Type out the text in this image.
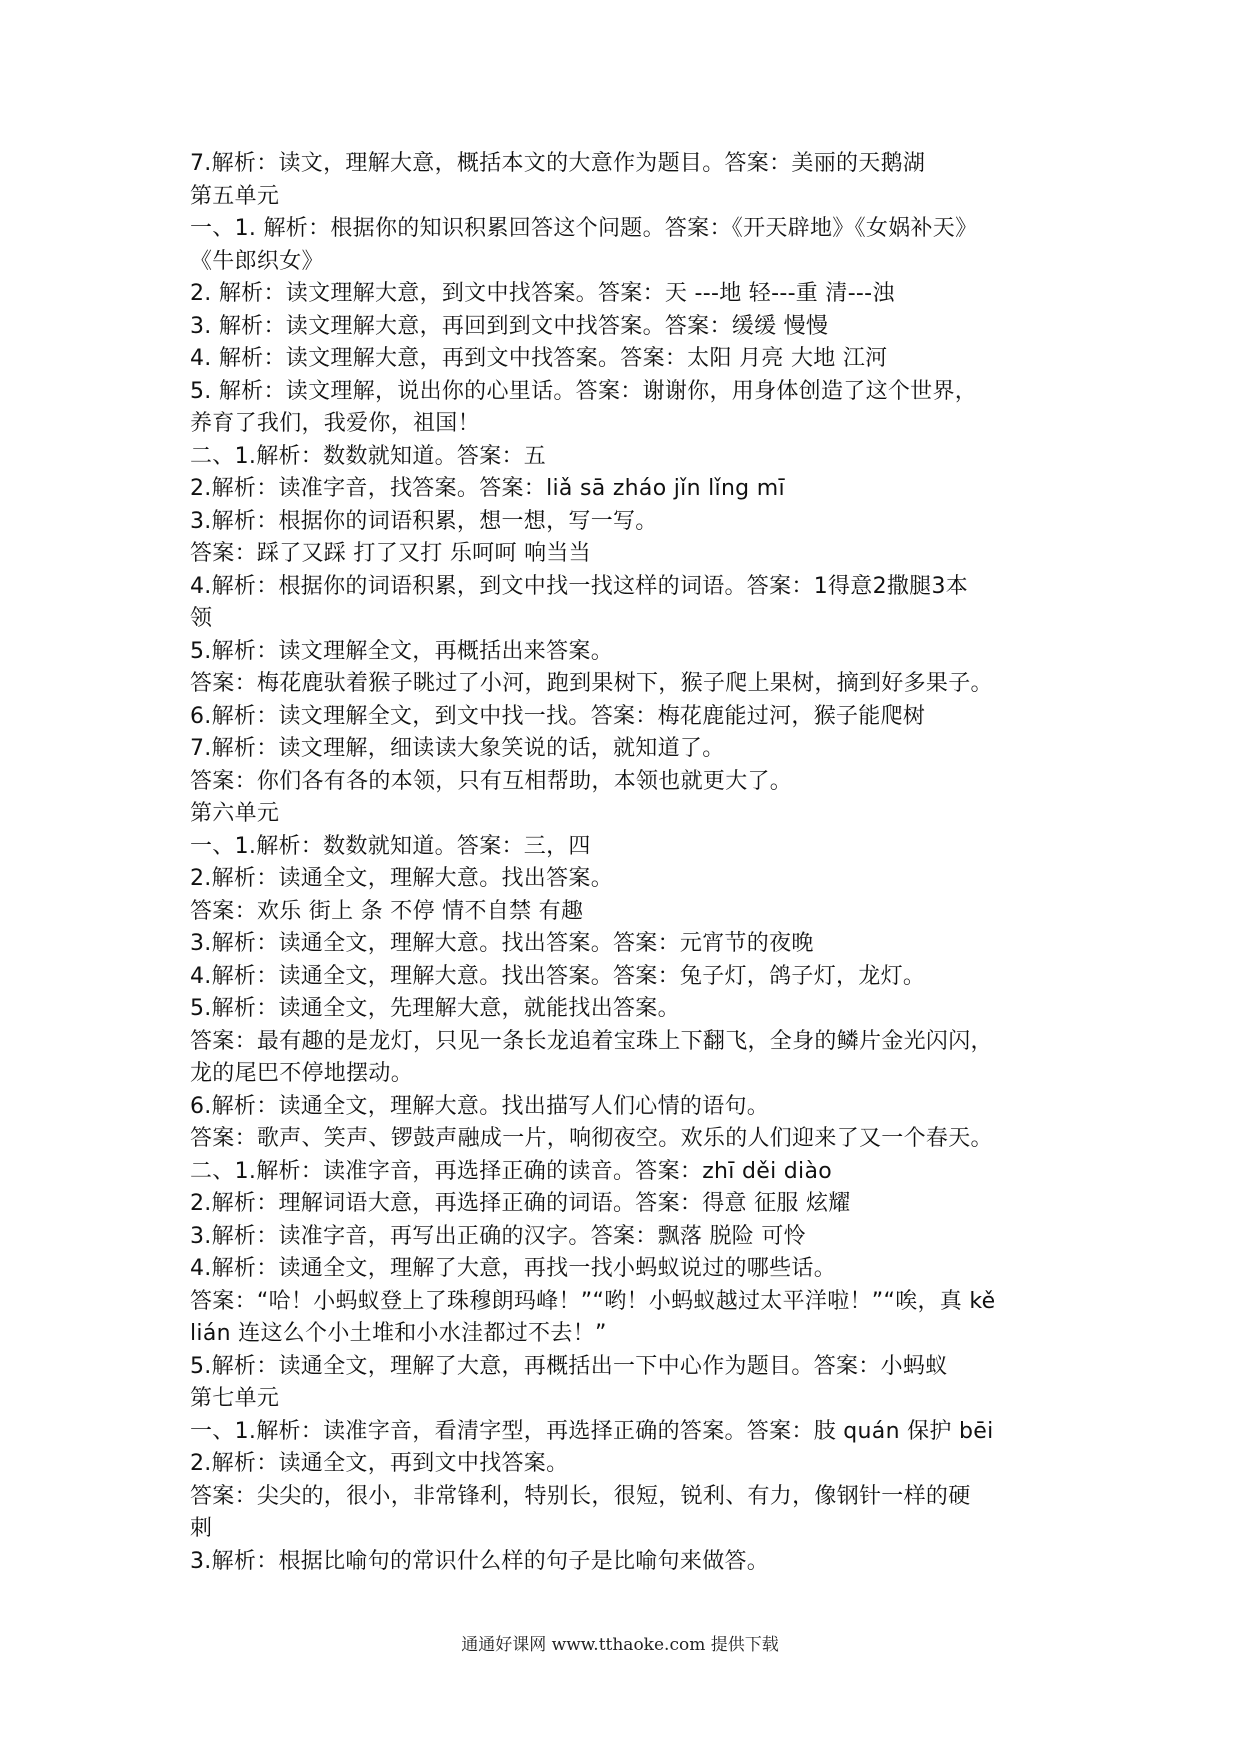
7.解析：读文，理解大意，概括本文的大意作为题目。答案：美丽的天鹅湖
第五单元
一、1. 解析：根据你的知识积累回答这个问题。答案：《开天辟地》《女娲补天》
《牛郎织女》
2. 解析：读文理解大意，到文中找答案。答案：天 ---地 轻---重 清---浊
3. 解析：读文理解大意，再回到到文中找答案。答案：缓缓 慢慢
4. 解析：读文理解大意，再到文中找答案。答案：太阳 月亮 大地 江河
5. 解析：读文理解，说出你的心里话。答案：谢谢你，用身体创造了这个世界，
养育了我们，我爱你，祖国！
二、1.解析：数数就知道。答案：五
2.解析：读准字音，找答案。答案：liǎ sā zháo jǐn lǐng mī
3.解析：根据你的词语积累，想一想，写一写。
答案：踩了又踩 打了又打 乐呵呵 响当当
4.解析：根据你的词语积累，到文中找一找这样的词语。答案：1得意2撒腿3本
领
5.解析：读文理解全文，再概括出来答案。
答案：梅花鹿驮着猴子眺过了小河，跑到果树下，猴子爬上果树，摘到好多果子。
6.解析：读文理解全文，到文中找一找。答案：梅花鹿能过河，猴子能爬树
7.解析：读文理解，细读读大象笑说的话，就知道了。
答案：你们各有各的本领，只有互相帮助，本领也就更大了。
第六单元
一、1.解析：数数就知道。答案：三，四
2.解析：读通全文，理解大意。找出答案。
答案：欢乐 街上 条 不停 情不自禁 有趣
3.解析：读通全文，理解大意。找出答案。答案：元宵节的夜晚
4.解析：读通全文，理解大意。找出答案。答案：兔子灯，鸽子灯，龙灯。
5.解析：读通全文，先理解大意，就能找出答案。
答案：最有趣的是龙灯，只见一条长龙追着宝珠上下翻飞，全身的鳞片金光闪闪，
龙的尾巴不停地摆动。
6.解析：读通全文，理解大意。找出描写人们心情的语句。
答案：歌声、笑声、锣鼓声融成一片，响彻夜空。欢乐的人们迎来了又一个春天。
二、1.解析：读准字音，再选择正确的读音。答案：zhī děi diào
2.解析：理解词语大意，再选择正确的词语。答案：得意 征服 炫耀
3.解析：读准字音，再写出正确的汉字。答案：飘落 脱险 可怜
4.解析：读通全文，理解了大意，再找一找小蚂蚁说过的哪些话。
答案：“哈！小蚂蚁登上了珠穆朗玛峰！”“哟！小蚂蚁越过太平洋啦！”“唉，真 kě
lián 连这么个小土堆和小水洼都过不去！”
5.解析：读通全文，理解了大意，再概括出一下中心作为题目。答案：小蚂蚁
第七单元
一、1.解析：读准字音，看清字型，再选择正确的答案。答案：肢 quán 保护 bēi
2.解析：读通全文，再到文中找答案。
答案：尖尖的，很小，非常锋利，特别长，很短，锐利、有力，像钢针一样的硬
刺
3.解析：根据比喻句的常识什么样的句子是比喻句来做答。
通通好课网 www.tthaoke.com 提供下载
